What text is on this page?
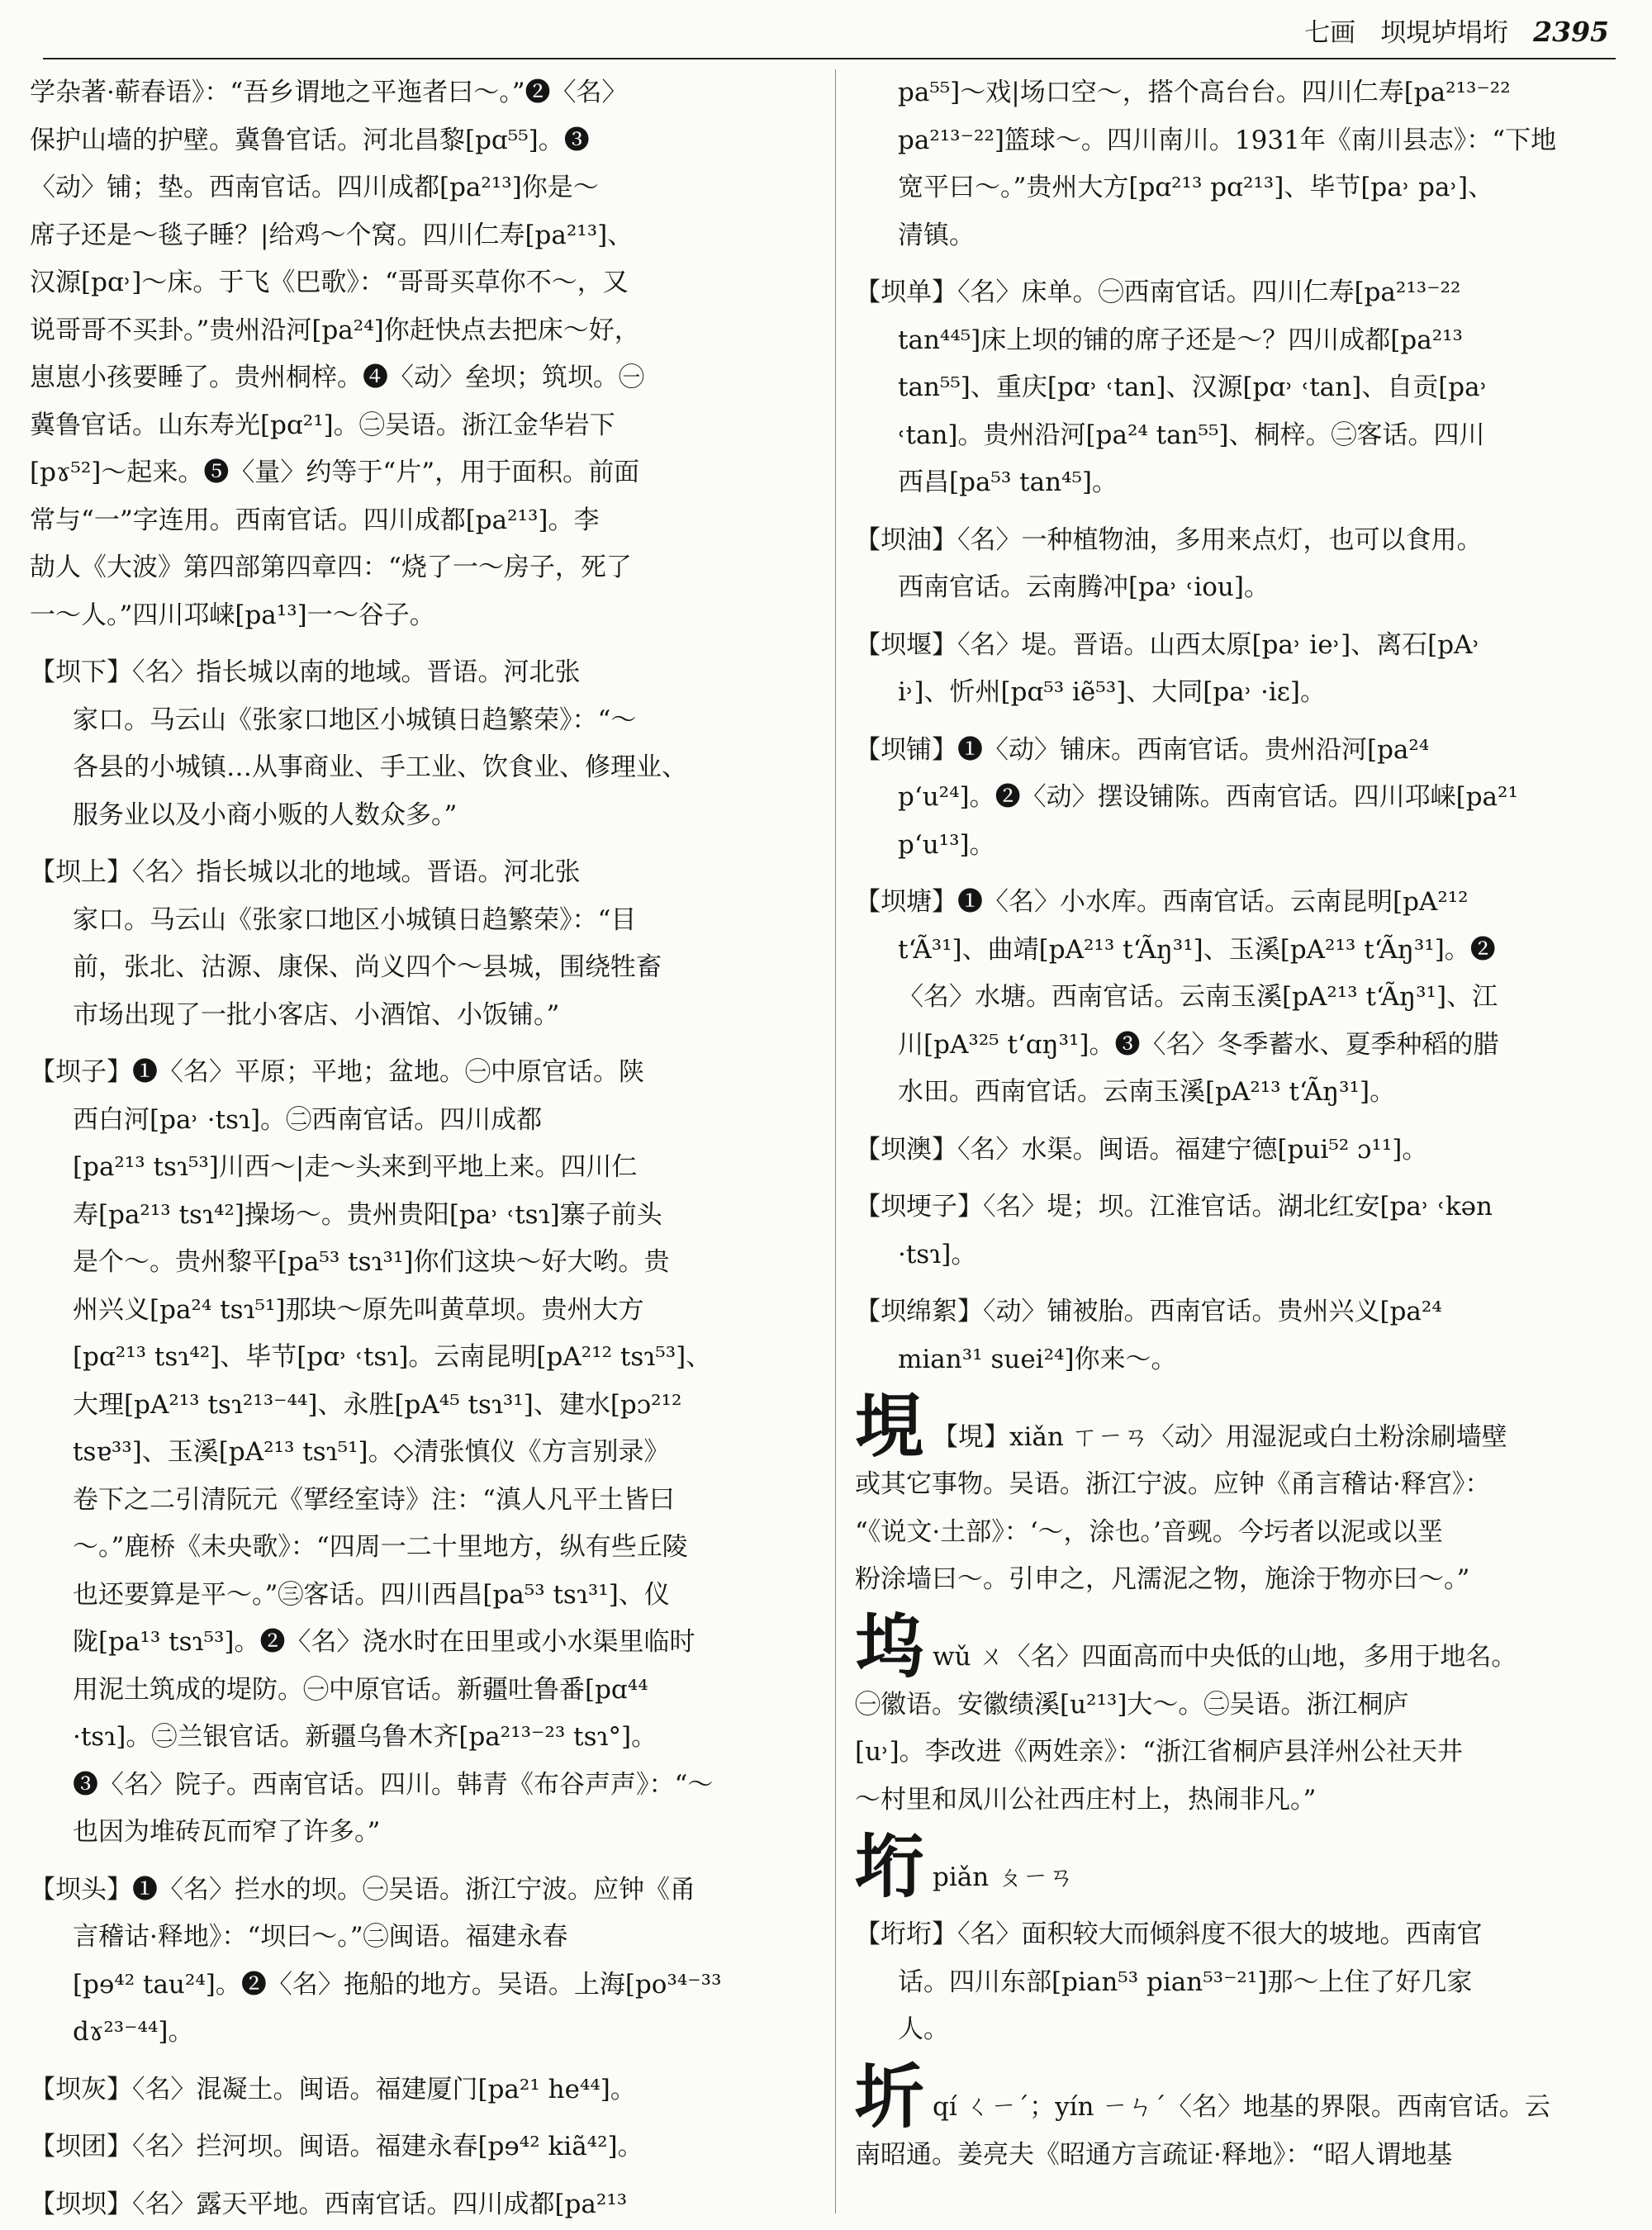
七画 坝垷垆埍垳 2395
学杂著·蕲春语》：“吾乡谓地之平迤者曰～。”❷〈名〉
保护山墙的护壁。冀鲁官话。河北昌黎[pɑ⁵⁵]。❸
〈动〉铺；垫。西南官话。四川成都[pa²¹³]你是～
席子还是～毯子睡？|给鸡～个窝。四川仁寿[pa²¹³]、
汉源[pɑ˒]～床。于飞《巴歌》：“哥哥买草你不～，又
说哥哥不买卦。”贵州沿河[pa²⁴]你赶快点去把床～好，
崽崽小孩要睡了。贵州桐梓。❹〈动〉垒坝；筑坝。㊀
冀鲁官话。山东寿光[pɑ²¹]。㊁吴语。浙江金华岩下
[pɤ⁵²]～起来。❺〈量〉约等于“片”，用于面积。前面
常与“一”字连用。西南官话。四川成都[pa²¹³]。李
劼人《大波》第四部第四章四：“烧了一～房子，死了
一～人。”四川邛崃[pa¹³]一～谷子。
【坝下】〈名〉指长城以南的地域。晋语。河北张
家口。马云山《张家口地区小城镇日趋繁荣》：“～
各县的小城镇…从事商业、手工业、饮食业、修理业、
服务业以及小商小贩的人数众多。”
【坝上】〈名〉指长城以北的地域。晋语。河北张
家口。马云山《张家口地区小城镇日趋繁荣》：“目
前，张北、沽源、康保、尚义四个～县城，围绕牲畜
市场出现了一批小客店、小酒馆、小饭铺。”
【坝子】❶〈名〉平原；平地；盆地。㊀中原官话。陕
西白河[pa˒ ·tsɿ]。㊁西南官话。四川成都
[pa²¹³ tsɿ⁵³]川西～|走～头来到平地上来。四川仁
寿[pa²¹³ tsɿ⁴²]操场～。贵州贵阳[pa˒ ˓tsɿ]寨子前头
是个～。贵州黎平[pa⁵³ tsɿ³¹]你们这块～好大哟。贵
州兴义[pa²⁴ tsɿ⁵¹]那块～原先叫黄草坝。贵州大方
[pɑ²¹³ tsɿ⁴²]、毕节[pɑ˒ ˓tsɿ]。云南昆明[pA²¹² tsɿ⁵³]、
大理[pA²¹³ tsɿ²¹³⁻⁴⁴]、永胜[pA⁴⁵ tsɿ³¹]、建水[pɔ²¹²
tsɐ³³]、玉溪[pA²¹³ tsɿ⁵¹]。◇清张慎仪《方言别录》
卷下之二引清阮元《揅经室诗》注：“滇人凡平土皆曰
～。”鹿桥《未央歌》：“四周一二十里地方，纵有些丘陵
也还要算是平～。”㊂客话。四川西昌[pa⁵³ tsɿ³¹]、仪
陇[pa¹³ tsɿ⁵³]。❷〈名〉浇水时在田里或小水渠里临时
用泥土筑成的堤防。㊀中原官话。新疆吐鲁番[pɑ⁴⁴
·tsɿ]。㊁兰银官话。新疆乌鲁木齐[pa²¹³⁻²³ tsɿ°]。
❸〈名〉院子。西南官话。四川。韩青《布谷声声》：“～
也因为堆砖瓦而窄了许多。”
【坝头】❶〈名〉拦水的坝。㊀吴语。浙江宁波。应钟《甬
言稽诂·释地》：“坝曰～。”㊁闽语。福建永春
[pɘ⁴² tau²⁴]。❷〈名〉拖船的地方。吴语。上海[po³⁴⁻³³
dɤ²³⁻⁴⁴]。
【坝灰】〈名〉混凝土。闽语。福建厦门[pa²¹ he⁴⁴]。
【坝团】〈名〉拦河坝。闽语。福建永春[pɘ⁴² kiã⁴²]。
【坝坝】〈名〉露天平地。西南官话。四川成都[pa²¹³
pa⁵⁵]～戏|场口空～，搭个高台台。四川仁寿[pa²¹³⁻²²
pa²¹³⁻²²]篮球～。四川南川。1931年《南川县志》：“下地
宽平曰～。”贵州大方[pɑ²¹³ pɑ²¹³]、毕节[pa˒ pa˒]、
清镇。
【坝单】〈名〉床单。㊀西南官话。四川仁寿[pa²¹³⁻²²
tan⁴⁴⁵]床上坝的铺的席子还是～？四川成都[pa²¹³
tan⁵⁵]、重庆[pɑ˒ ˓tan]、汉源[pɑ˒ ˓tan]、自贡[pa˒
˓tan]。贵州沿河[pa²⁴ tan⁵⁵]、桐梓。㊁客话。四川
西昌[pa⁵³ tan⁴⁵]。
【坝油】〈名〉一种植物油，多用来点灯，也可以食用。
西南官话。云南腾冲[pa˒ ˓iou]。
【坝堰】〈名〉堤。晋语。山西太原[pa˒ ie˒]、离石[pA˒
i˒]、忻州[pɑ⁵³ iẽ⁵³]、大同[pa˒ ·iɛ]。
【坝铺】❶〈动〉铺床。西南官话。贵州沿河[pa²⁴
p‘u²⁴]。❷〈动〉摆设铺陈。西南官话。四川邛崃[pa²¹
p‘u¹³]。
【坝塘】❶〈名〉小水库。西南官话。云南昆明[pA²¹²
t‘Ã³¹]、曲靖[pA²¹³ t‘Ãŋ³¹]、玉溪[pA²¹³ t‘Ãŋ³¹]。❷
〈名〉水塘。西南官话。云南玉溪[pA²¹³ t‘Ãŋ³¹]、江
川[pA³²⁵ t‘ɑŋ³¹]。❸〈名〉冬季蓄水、夏季种稻的腊
水田。西南官话。云南玉溪[pA²¹³ t‘Ãŋ³¹]。
【坝澳】〈名〉水渠。闽语。福建宁德[pui⁵² ɔ¹¹]。
【坝埂子】〈名〉堤；坝。江淮官话。湖北红安[pa˒ ˓kən
·tsɿ]。
【坝绵絮】〈动〉铺被胎。西南官话。贵州兴义[pa²⁴
mian³¹ suei²⁴]你来～。
垷 【垷】xiǎn ㄒㄧㄢ〈动〉用湿泥或白土粉涂刷墙壁
或其它事物。吴语。浙江宁波。应钟《甬言稽诂·释宫》：
“《说文·土部》：‘～，涂也。’音觋。今圬者以泥或以垩
粉涂墙曰～。引申之，凡濡泥之物，施涂于物亦曰～。”
坞 wǔ ㄨ〈名〉四面高而中央低的山地，多用于地名。
㊀徽语。安徽绩溪[u²¹³]大～。㊁吴语。浙江桐庐
[u˒]。李改进《两姓亲》：“浙江省桐庐县洋州公社天井
～村里和凤川公社西庄村上，热闹非凡。”
垳 piǎn ㄆㄧㄢ
【垳垳】〈名〉面积较大而倾斜度不很大的坡地。西南官
话。四川东部[pian⁵³ pian⁵³⁻²¹]那～上住了好几家
人。
圻 qí ㄑㄧˊ；yín ㄧㄣˊ〈名〉地基的界限。西南官话。云
南昭通。姜亮夫《昭通方言疏证·释地》：“昭人谓地基
